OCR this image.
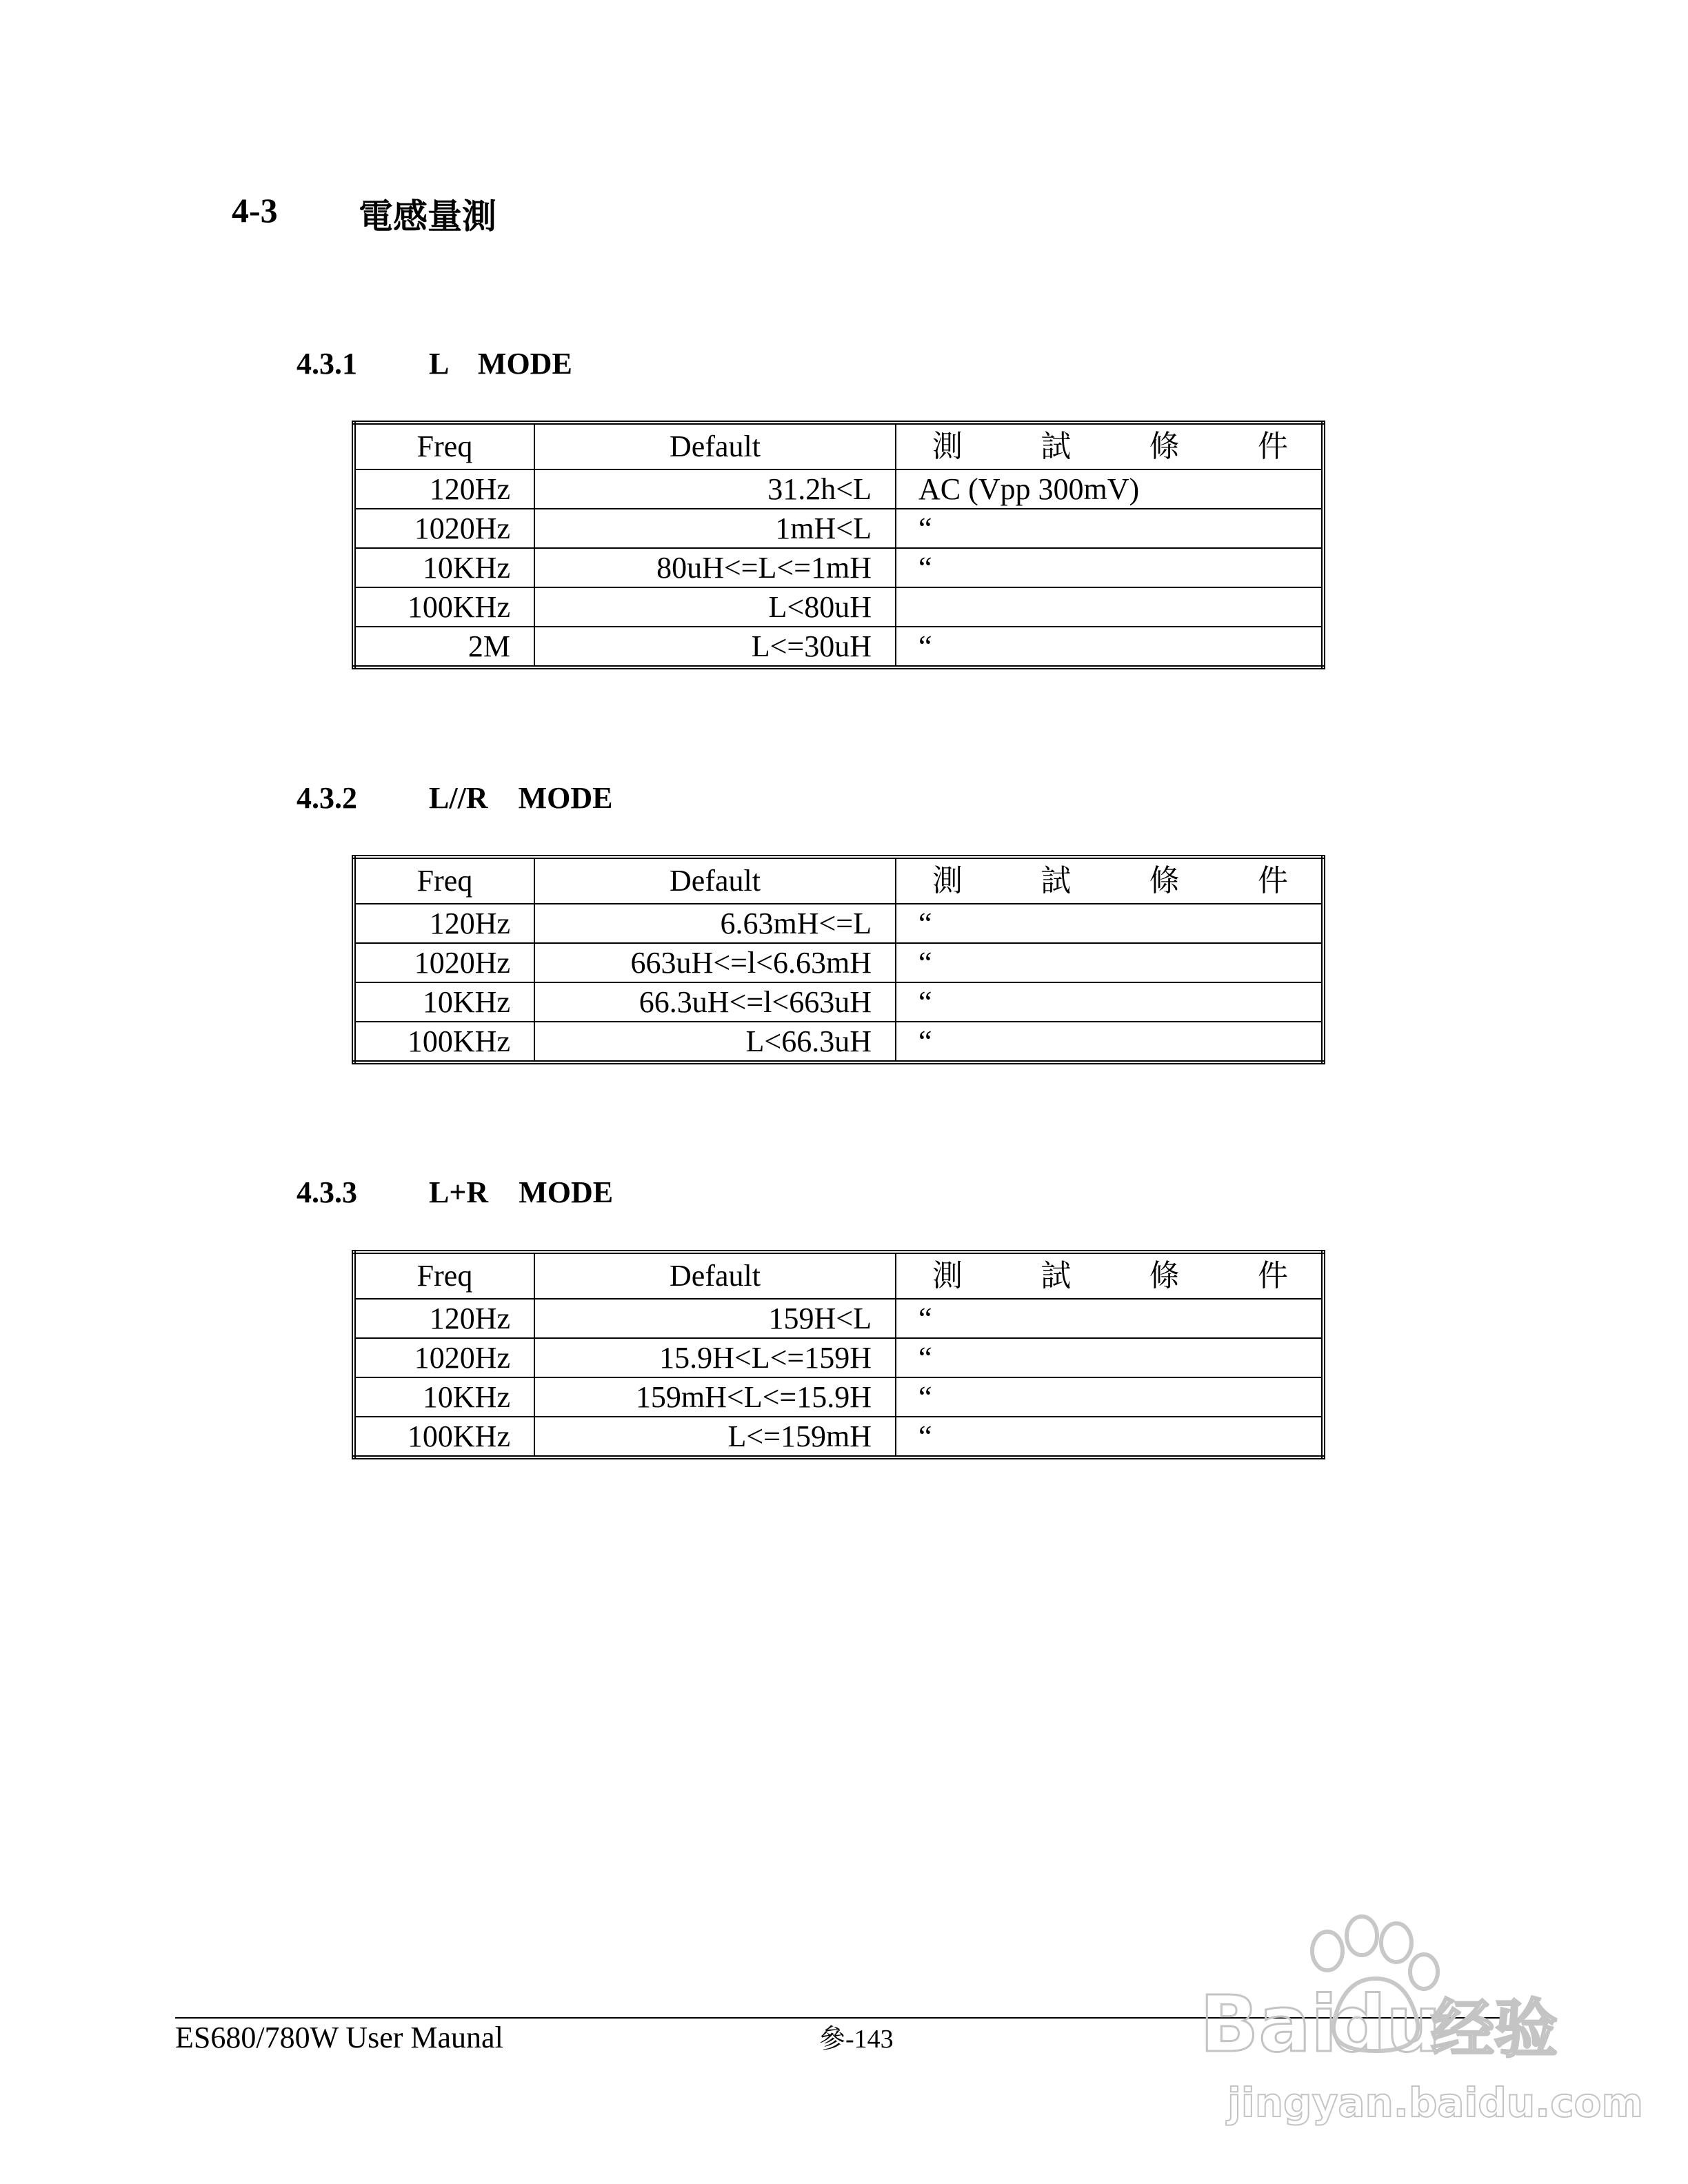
4-3 電感量測
4.3.1 L    MODE
Freq	Default	測 試 條 件
120Hz	31.2h<L	AC (Vpp 300mV)
1020Hz	1mH<L	“
10KHz	80uH<=L<=1mH	“
100KHz	L<80uH	
2M	L<=30uH	“
4.3.2 L//R    MODE
Freq	Default	測 試 條 件
120Hz	6.63mH<=L	“
1020Hz	663uH<=l<6.63mH	“
10KHz	66.3uH<=l<663uH	“
100KHz	L<66.3uH	“
4.3.3 L+R    MODE
Freq	Default	測 試 條 件
120Hz	159H<L	“
1020Hz	15.9H<L<=159H	“
10KHz	159mH<L<=15.9H	“
100KHz	L<=159mH	“
ES680/780W User Maunal	參-143	Bai
du
经验
jingyan.baidu.com
